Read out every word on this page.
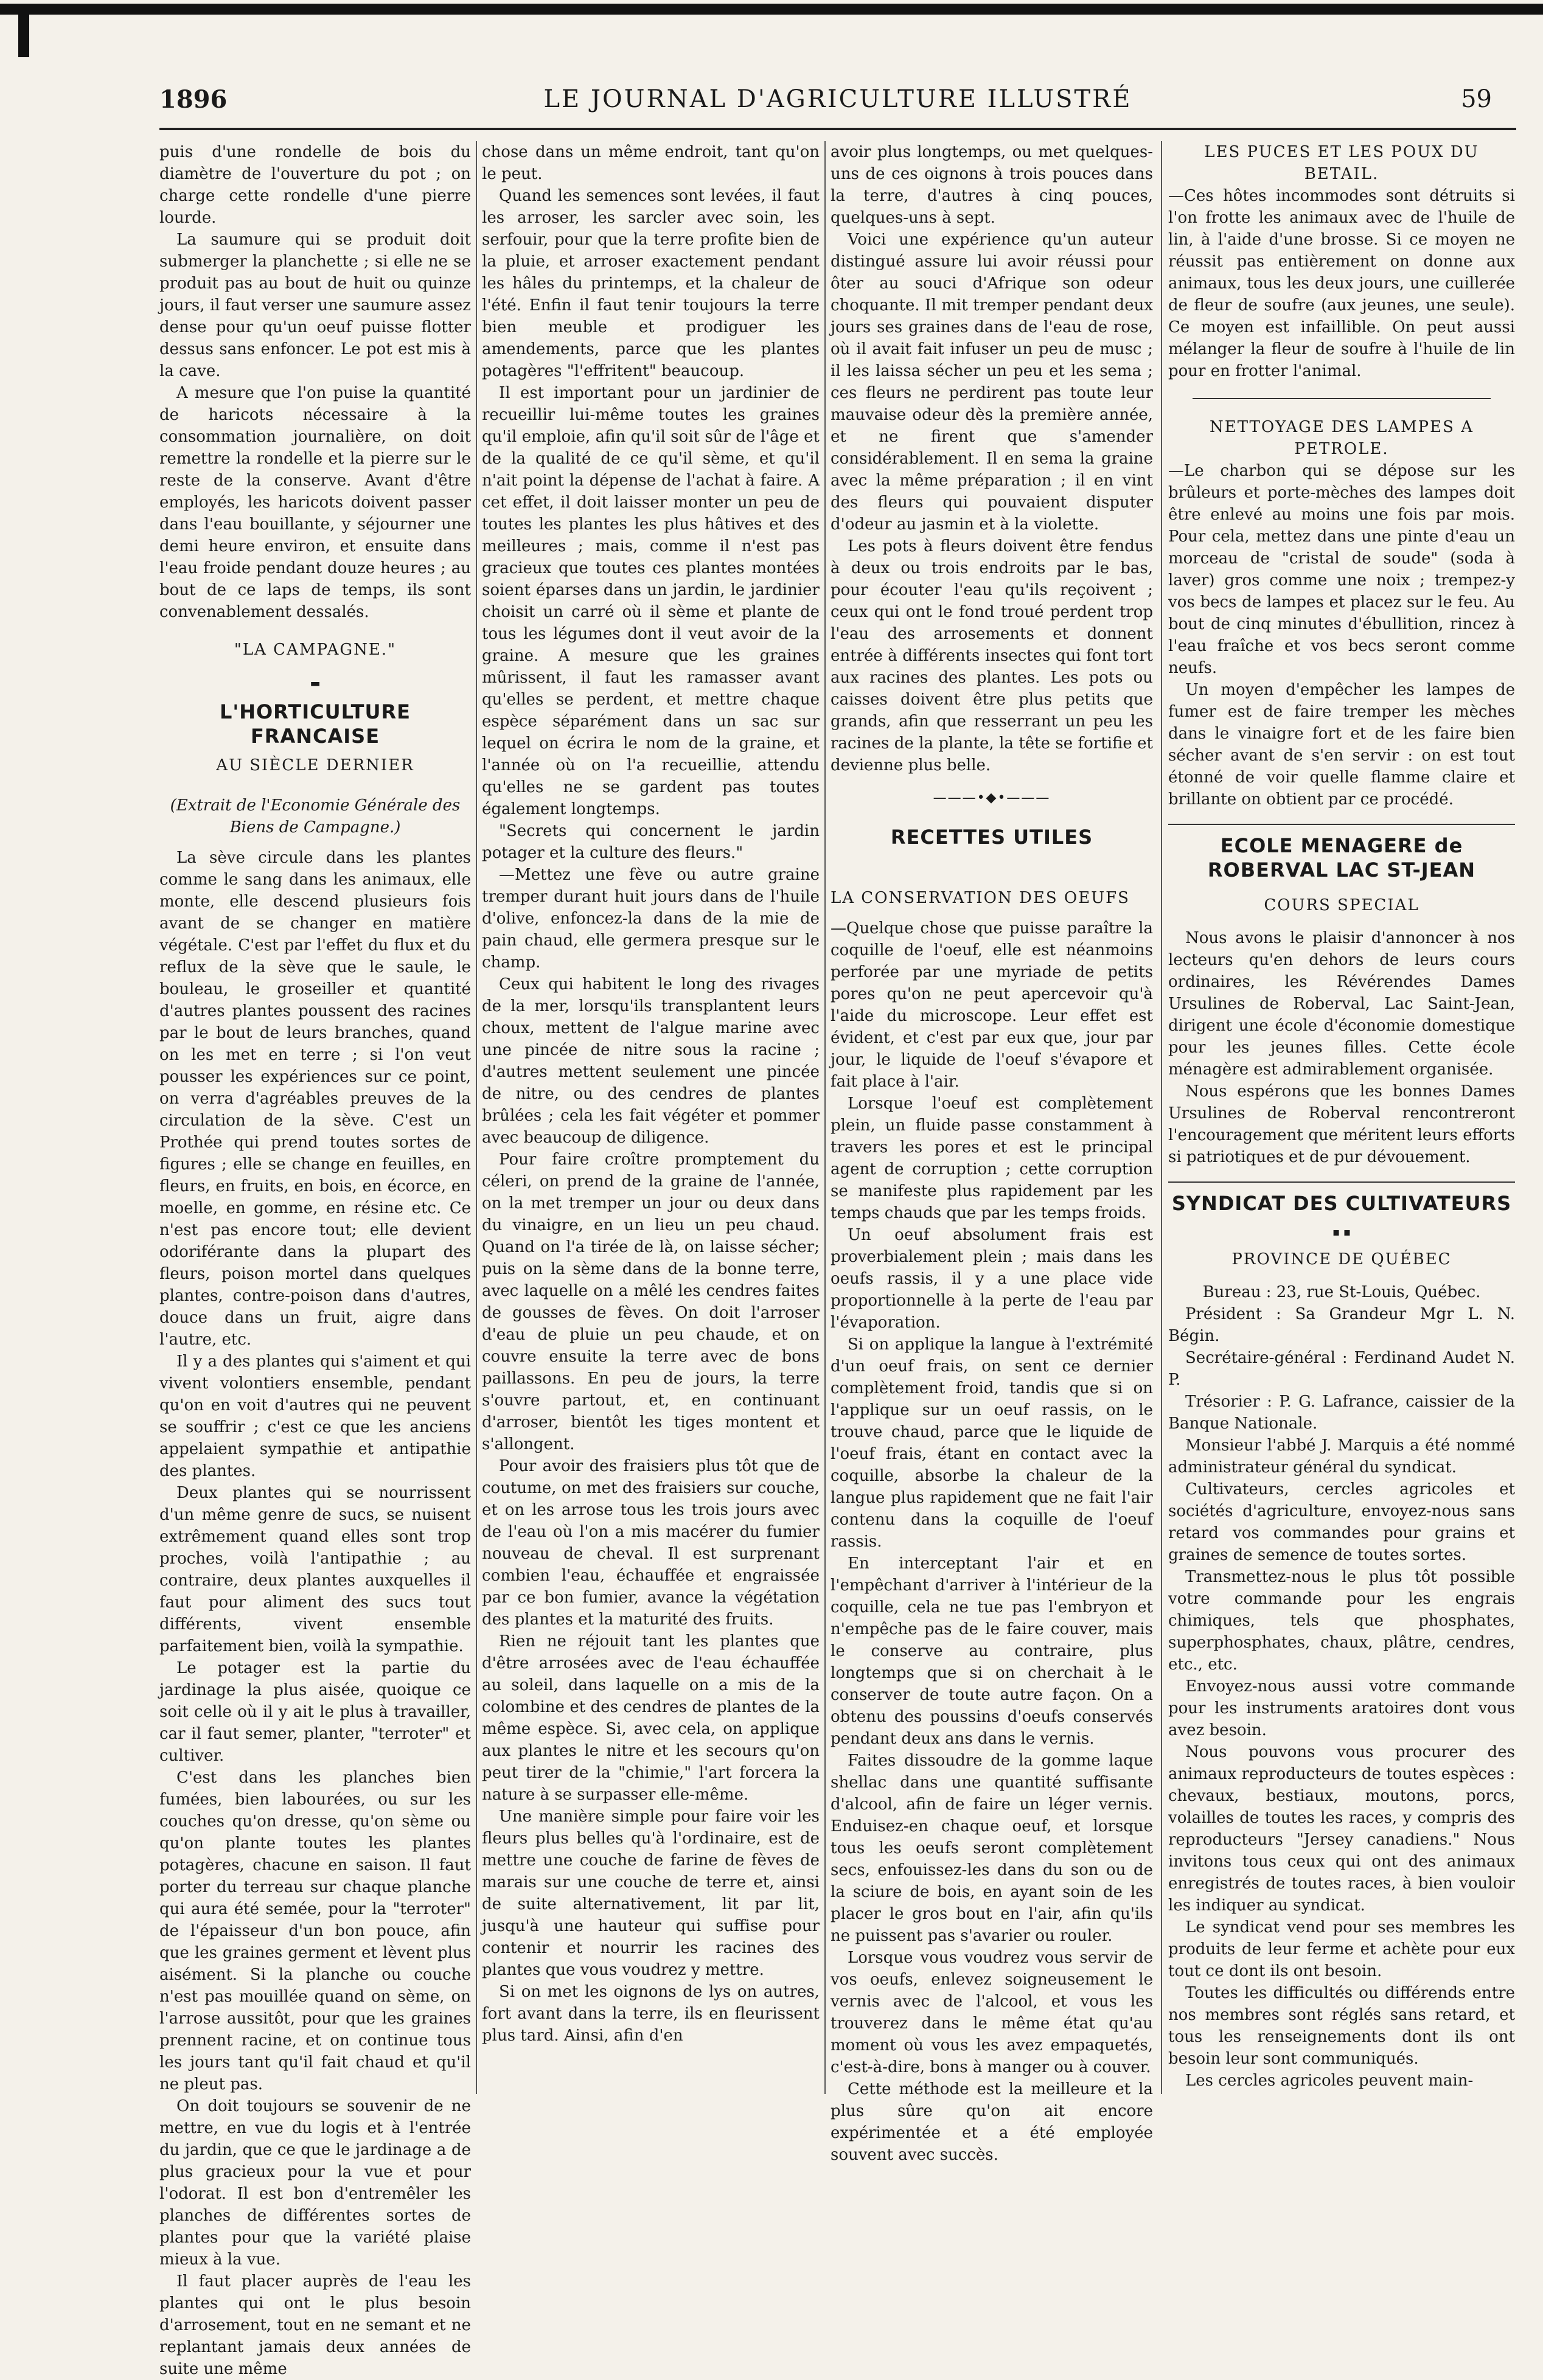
LE JOURNAL D'AGRICULTURE ILLUSTRÉ
1896	59

puis d'une rondelle de bois du diamètre de l'ouverture du pot ; on charge cette rondelle d'une pierre lourde.

La saumure qui se produit doit submerger la planchette ; si elle ne se produit pas au bout de huit ou quinze jours, il faut verser une saumure assez dense pour qu'un oeuf puisse flotter dessus sans enfoncer. Le pot est mis à la cave.

A mesure que l'on puise la quantité de haricots nécessaire à la consommation journalière, on doit remettre la rondelle et la pierre sur le reste de la conserve. Avant d'être employés, les haricots doivent passer dans l'eau bouillante, y séjourner une demi heure environ, et ensuite dans l'eau froide pendant douze heures ; au bout de ce laps de temps, ils sont convenablement dessalés.

"LA CAMPAGNE."
▬
L'HORTICULTURE FRANCAISE
AU SIÈCLE DERNIER

(Extrait de l'Economie Générale des Biens de Campagne.)

La sève circule dans les plantes comme le sang dans les animaux, elle monte, elle descend plusieurs fois avant de se changer en matière végétale. C'est par l'effet du flux et du reflux de la sève que le saule, le bouleau, le groseiller et quantité d'autres plantes poussent des racines par le bout de leurs branches, quand on les met en terre ; si l'on veut pousser les expériences sur ce point, on verra d'agréables preuves de la circulation de la sève. C'est un Prothée qui prend toutes sortes de figures ; elle se change en feuilles, en fleurs, en fruits, en bois, en écorce, en moelle, en gomme, en résine etc. Ce n'est pas encore tout; elle devient odoriférante dans la plupart des fleurs, poison mortel dans quelques plantes, contre-poison dans d'autres, douce dans un fruit, aigre dans l'autre, etc.

Il y a des plantes qui s'aiment et qui vivent volontiers ensemble, pendant qu'on en voit d'autres qui ne peuvent se souffrir ; c'est ce que les anciens appelaient sympathie et antipathie des plantes.

Deux plantes qui se nourrissent d'un même genre de sucs, se nuisent extrêmement quand elles sont trop proches, voilà l'antipathie ; au contraire, deux plantes auxquelles il faut pour aliment des sucs tout différents, vivent ensemble parfaitement bien, voilà la sympathie.

Le potager est la partie du jardinage la plus aisée, quoique ce soit celle où il y ait le plus à travailler, car il faut semer, planter, "terroter" et cultiver.

C'est dans les planches bien fumées, bien labourées, ou sur les couches qu'on dresse, qu'on sème ou qu'on plante toutes les plantes potagères, chacune en saison. Il faut porter du terreau sur chaque planche qui aura été semée, pour la "terroter" de l'épaisseur d'un bon pouce, afin que les graines germent et lèvent plus aisément. Si la planche ou couche n'est pas mouillée quand on sème, on l'arrose aussitôt, pour que les graines prennent racine, et on continue tous les jours tant qu'il fait chaud et qu'il ne pleut pas.

On doit toujours se souvenir de ne mettre, en vue du logis et à l'entrée du jardin, que ce que le jardinage a de plus gracieux pour la vue et pour l'odorat. Il est bon d'entremêler les planches de différentes sortes de plantes pour que la variété plaise mieux à la vue.

Il faut placer auprès de l'eau les plantes qui ont le plus besoin d'arrosement, tout en ne semant et ne replantant jamais deux années de suite une même

chose dans un même endroit, tant qu'on le peut.

Quand les semences sont levées, il faut les arroser, les sarcler avec soin, les serfouir, pour que la terre profite bien de la pluie, et arroser exactement pendant les hâles du printemps, et la chaleur de l'été. Enfin il faut tenir toujours la terre bien meuble et prodiguer les amendements, parce que les plantes potagères "l'effritent" beaucoup.

Il est important pour un jardinier de recueillir lui-même toutes les graines qu'il emploie, afin qu'il soit sûr de l'âge et de la qualité de ce qu'il sème, et qu'il n'ait point la dépense de l'achat à faire. A cet effet, il doit laisser monter un peu de toutes les plantes les plus hâtives et des meilleures ; mais, comme il n'est pas gracieux que toutes ces plantes montées soient éparses dans un jardin, le jardinier choisit un carré où il sème et plante de tous les légumes dont il veut avoir de la graine. A mesure que les graines mûrissent, il faut les ramasser avant qu'elles se perdent, et mettre chaque espèce séparément dans un sac sur lequel on écrira le nom de la graine, et l'année où on l'a recueillie, attendu qu'elles ne se gardent pas toutes également longtemps.

"Secrets qui concernent le jardin potager et la culture des fleurs."

—Mettez une fève ou autre graine tremper durant huit jours dans de l'huile d'olive, enfoncez-la dans de la mie de pain chaud, elle germera presque sur le champ.

Ceux qui habitent le long des rivages de la mer, lorsqu'ils transplantent leurs choux, mettent de l'algue marine avec une pincée de nitre sous la racine ; d'autres mettent seulement une pincée de nitre, ou des cendres de plantes brûlées ; cela les fait végéter et pommer avec beaucoup de diligence.

Pour faire croître promptement du céleri, on prend de la graine de l'année, on la met tremper un jour ou deux dans du vinaigre, en un lieu un peu chaud. Quand on l'a tirée de là, on laisse sécher; puis on la sème dans de la bonne terre, avec laquelle on a mêlé les cendres faites de gousses de fèves. On doit l'arroser d'eau de pluie un peu chaude, et on couvre ensuite la terre avec de bons paillassons. En peu de jours, la terre s'ouvre partout, et, en continuant d'arroser, bientôt les tiges montent et s'allongent.

Pour avoir des fraisiers plus tôt que de coutume, on met des fraisiers sur couche, et on les arrose tous les trois jours avec de l'eau où l'on a mis macérer du fumier nouveau de cheval. Il est surprenant combien l'eau, échauffée et engraissée par ce bon fumier, avance la végétation des plantes et la maturité des fruits.

Rien ne réjouit tant les plantes que d'être arrosées avec de l'eau échauffée au soleil, dans laquelle on a mis de la colombine et des cendres de plantes de la même espèce. Si, avec cela, on applique aux plantes le nitre et les secours qu'on peut tirer de la "chimie," l'art forcera la nature à se surpasser elle-même.

Une manière simple pour faire voir les fleurs plus belles qu'à l'ordinaire, est de mettre une couche de farine de fèves de marais sur une couche de terre et, ainsi de suite alternativement, lit par lit, jusqu'à une hauteur qui suffise pour contenir et nourrir les racines des plantes que vous voudrez y mettre.

Si on met les oignons de lys on autres, fort avant dans la terre, ils en fleurissent plus tard. Ainsi, afin d'en

avoir plus longtemps, ou met quelques-uns de ces oignons à trois pouces dans la terre, d'autres à cinq pouces, quelques-uns à sept.

Voici une expérience qu'un auteur distingué assure lui avoir réussi pour ôter au souci d'Afrique son odeur choquante. Il mit tremper pendant deux jours ses graines dans de l'eau de rose, où il avait fait infuser un peu de musc ; il les laissa sécher un peu et les sema ; ces fleurs ne perdirent pas toute leur mauvaise odeur dès la première année, et ne firent que s'amender considérablement. Il en sema la graine avec la même préparation ; il en vint des fleurs qui pouvaient disputer d'odeur au jasmin et à la violette.

Les pots à fleurs doivent être fendus à deux ou trois endroits par le bas, pour écouter l'eau qu'ils reçoivent ; ceux qui ont le fond troué perdent trop l'eau des arrosements et donnent entrée à différents insectes qui font tort aux racines des plantes. Les pots ou caisses doivent être plus petits que grands, afin que resserrant un peu les racines de la plante, la tête se fortifie et devienne plus belle.

———•◆•———
RECETTES UTILES
LA CONSERVATION DES OEUFS

—Quelque chose que puisse paraître la coquille de l'oeuf, elle est néanmoins perforée par une myriade de petits pores qu'on ne peut apercevoir qu'à l'aide du microscope. Leur effet est évident, et c'est par eux que, jour par jour, le liquide de l'oeuf s'évapore et fait place à l'air.

Lorsque l'oeuf est complètement plein, un fluide passe constamment à travers les pores et est le principal agent de corruption ; cette corruption se manifeste plus rapidement par les temps chauds que par les temps froids.

Un oeuf absolument frais est proverbialement plein ; mais dans les oeufs rassis, il y a une place vide proportionnelle à la perte de l'eau par l'évaporation.

Si on applique la langue à l'extrémité d'un oeuf frais, on sent ce dernier complètement froid, tandis que si on l'applique sur un oeuf rassis, on le trouve chaud, parce que le liquide de l'oeuf frais, étant en contact avec la coquille, absorbe la chaleur de la langue plus rapidement que ne fait l'air contenu dans la coquille de l'oeuf rassis.

En interceptant l'air et en l'empêchant d'arriver à l'intérieur de la coquille, cela ne tue pas l'embryon et n'empêche pas de le faire couver, mais le conserve au contraire, plus longtemps que si on cherchait à le conserver de toute autre façon. On a obtenu des poussins d'oeufs conservés pendant deux ans dans le vernis.

Faites dissoudre de la gomme laque shellac dans une quantité suffisante d'alcool, afin de faire un léger vernis. Enduisez-en chaque oeuf, et lorsque tous les oeufs seront complètement secs, enfouissez-les dans du son ou de la sciure de bois, en ayant soin de les placer le gros bout en l'air, afin qu'ils ne puissent pas s'avarier ou rouler.

Lorsque vous voudrez vous servir de vos oeufs, enlevez soigneusement le vernis avec de l'alcool, et vous les trouverez dans le même état qu'au moment où vous les avez empaquetés, c'est-à-dire, bons à manger ou à couver.

Cette méthode est la meilleure et la plus sûre qu'on ait encore expérimentée et a été employée souvent avec succès.

LES PUCES ET LES POUX DU BETAIL.

—Ces hôtes incommodes sont détruits si l'on frotte les animaux avec de l'huile de lin, à l'aide d'une brosse. Si ce moyen ne réussit pas entièrement on donne aux animaux, tous les deux jours, une cuillerée de fleur de soufre (aux jeunes, une seule). Ce moyen est infaillible. On peut aussi mélanger la fleur de soufre à l'huile de lin pour en frotter l'animal.

NETTOYAGE DES LAMPES A PETROLE.

—Le charbon qui se dépose sur les brûleurs et porte-mèches des lampes doit être enlevé au moins une fois par mois. Pour cela, mettez dans une pinte d'eau un morceau de "cristal de soude" (soda à laver) gros comme une noix ; trempez-y vos becs de lampes et placez sur le feu. Au bout de cinq minutes d'ébullition, rincez à l'eau fraîche et vos becs seront comme neufs.

Un moyen d'empêcher les lampes de fumer est de faire tremper les mèches dans le vinaigre fort et de les faire bien sécher avant de s'en servir : on est tout étonné de voir quelle flamme claire et brillante on obtient par ce procédé.

ECOLE MENAGERE de ROBERVAL LAC ST-JEAN
COURS SPECIAL

Nous avons le plaisir d'annoncer à nos lecteurs qu'en dehors de leurs cours ordinaires, les Révérendes Dames Ursulines de Roberval, Lac Saint-Jean, dirigent une école d'économie domestique pour les jeunes filles. Cette école ménagère est admirablement organisée.

Nous espérons que les bonnes Dames Ursulines de Roberval rencontreront l'encouragement que méritent leurs efforts si patriotiques et de pur dévouement.

SYNDICAT DES CULTIVATEURS
▪ ▪
PROVINCE DE QUÉBEC

Bureau : 23, rue St-Louis, Québec.

Président : Sa Grandeur Mgr L. N. Bégin.

Secrétaire-général : Ferdinand Audet N. P.

Trésorier : P. G. Lafrance, caissier de la Banque Nationale.

Monsieur l'abbé J. Marquis a été nommé administrateur général du syndicat.

Cultivateurs, cercles agricoles et sociétés d'agriculture, envoyez-nous sans retard vos commandes pour grains et graines de semence de toutes sortes.

Transmettez-nous le plus tôt possible votre commande pour les engrais chimiques, tels que phosphates, superphosphates, chaux, plâtre, cendres, etc., etc.

Envoyez-nous aussi votre commande pour les instruments aratoires dont vous avez besoin.

Nous pouvons vous procurer des animaux reproducteurs de toutes espèces : chevaux, bestiaux, moutons, porcs, volailles de toutes les races, y compris des reproducteurs "Jersey canadiens." Nous invitons tous ceux qui ont des animaux enregistrés de toutes races, à bien vouloir les indiquer au syndicat.

Le syndicat vend pour ses membres les produits de leur ferme et achète pour eux tout ce dont ils ont besoin.

Toutes les difficultés ou différends entre nos membres sont réglés sans retard, et tous les renseignements dont ils ont besoin leur sont communiqués.

Les cercles agricoles peuvent main-
